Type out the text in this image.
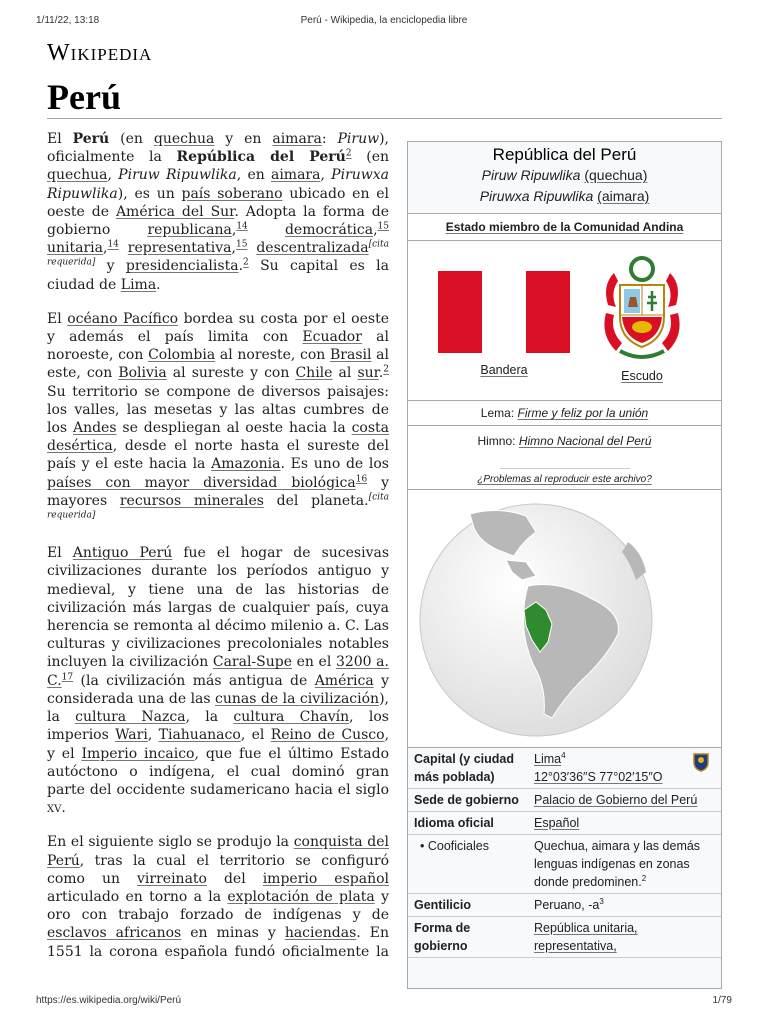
1/11/22, 13:18	Perú - Wikipedia, la enciclopedia libre
Wikipedia
Perú

El Perú (en quechua y en aimara: Piruw), oficialmente la República del Perú$^2$ (en quechua, Piruw Ripuwlika, en aimara, Piruwxa Ripuwlika), es un país soberano ubicado en el oeste de América del Sur. Adopta la forma de gobierno republicana,$^{14}$	democrática,$^{15}$ unitaria,$^{14}$ representativa,$^{15}$ descentralizada[cita requerida] y presidencialista.$^2$ Su capital es la ciudad de Lima.

El océano Pacífico bordea su costa por el oeste y además el país limita con Ecuador al noroeste, con Colombia al noreste, con Brasil al este, con Bolivia al sureste y con Chile al sur.$^2$ Su territorio se compone de diversos paisajes: los valles, las mesetas y las altas cumbres de los Andes se despliegan al oeste hacia la costa desértica, desde el norte hasta el sureste del país y el este hacia la Amazonia. Es uno de los países con mayor diversidad biológica$^{16}$ y mayores recursos minerales del planeta.[cita requerida]

El Antiguo Perú fue el hogar de sucesivas civilizaciones durante los períodos antiguo y medieval, y tiene una de las historias de civilización más largas de cualquier país, cuya herencia se remonta al décimo milenio a. C. Las culturas y civilizaciones precoloniales notables incluyen la civilización Caral-Supe en el 3200 a. C.$^{17}$ (la civilización más antigua de América y considerada una de las cunas de la civilización), la cultura Nazca, la cultura Chavín, los imperios Wari, Tiahuanaco, el Reino de Cusco, y el Imperio incaico, que fue el último Estado autóctono o indígena, el cual dominó gran parte del occidente sudamericano hacia el siglo xv.

En el siguiente siglo se produjo la conquista del Perú, tras la cual el territorio se configuró como un virreinato del imperio español articulado en torno a la explotación de plata y oro con trabajo forzado de indígenas y de esclavos africanos en minas y haciendas. En 1551 la corona española fundó oficialmente la

República del Perú
Piruw Ripuwlika (quechua)
Piruwxa Ripuwlika (aimara)
Estado miembro de la Comunidad Andina
Bandera	Escudo
Lema: Firme y feliz por la unión
Himno: Himno Nacional del Perú
¿Problemas al reproducir este archivo?
Capital (y ciudad más poblada)	Lima$^4$

12°03′36″S 77°02′15″O
Sede de gobierno	Palacio de Gobierno del Perú
Idioma oficial	Español
• Cooficiales	Quechua, aimara y las demás lenguas indígenas en zonas donde predominen.$^2$
Gentilicio	Peruano, $-a^3$
Forma de gobierno	República unitaria, representativa,
https://es.wikipedia.org/wiki/Perú	1/79
